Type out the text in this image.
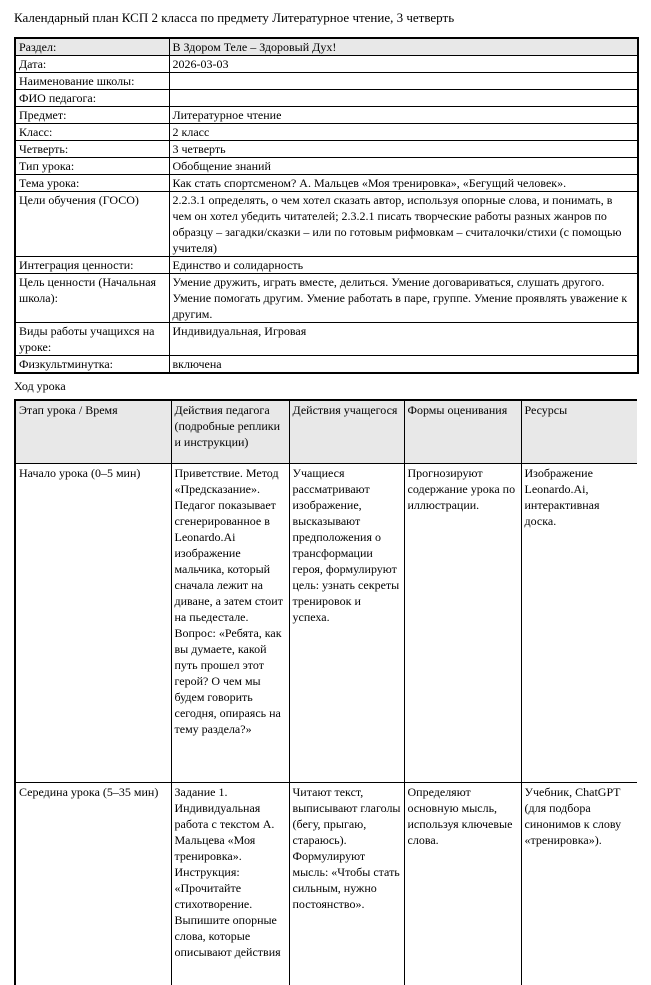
Календарный план КСП 2 класса по предмету Литературное чтение, 3 четверть

Раздел:	В Здором Теле – Здоровый Дух!
Дата:	2026-03-03
Наименование школы:	
ФИО педагога:	
Предмет:	Литературное чтение
Класс:	2 класс
Четверть:	3 четверть
Тип урока:	Обобщение знаний
Тема урока:	Как стать спортсменом? А. Мальцев «Моя тренировка», «Бегущий человек».
Цели обучения (ГОСО)	2.2.3.1 определять, о чем хотел сказать автор, используя опорные слова, и понимать, в чем он хотел убедить читателей; 2.3.2.1 писать творческие работы разных жанров по образцу – загадки/сказки – или по готовым рифмовкам – считалочки/стихи (с помощью учителя)
Интеграция ценности:	Единство и солидарность
Цель ценности (Начальная школа):	Умение дружить, играть вместе, делиться. Умение договариваться, слушать другого. Умение помогать другим. Умение работать в паре, группе. Умение проявлять уважение к другим.
Виды работы учащихся на уроке:	Индивидуальная, Игровая
Физкультминутка:	включена

Ход урока

Этап урока / Время	Действия педагога (подробные реплики и инструкции)	Действия учащегося	Формы оценивания	Ресурсы
Начало урока (0–5 мин)	Приветствие. Метод «Предсказание». Педагог показывает сгенерированное в Leonardo.Ai изображение мальчика, который сначала лежит на диване, а затем стоит на пьедестале. Вопрос: «Ребята, как вы думаете, какой путь прошел этот герой? О чем мы будем говорить сегодня, опираясь на тему раздела?»	Учащиеся рассматривают изображение, высказывают предположения о трансформации героя, формулируют цель: узнать секреты тренировок и успеха.	Прогнозируют содержание урока по иллюстрации.	Изображение Leonardo.Ai, интерактивная доска.
Середина урока (5–35 мин)	Задание 1. Индивидуальная работа с текстом А. Мальцева «Моя тренировка». Инструкция: «Прочитайте стихотворение. Выпишите опорные слова, которые описывают действия	Читают текст, выписывают глаголы (бегу, прыгаю, стараюсь). Формулируют мысль: «Чтобы стать сильным, нужно постоянство».	Определяют основную мысль, используя ключевые слова.	Учебник, ChatGPT (для подбора синонимов к слову «тренировка»).
